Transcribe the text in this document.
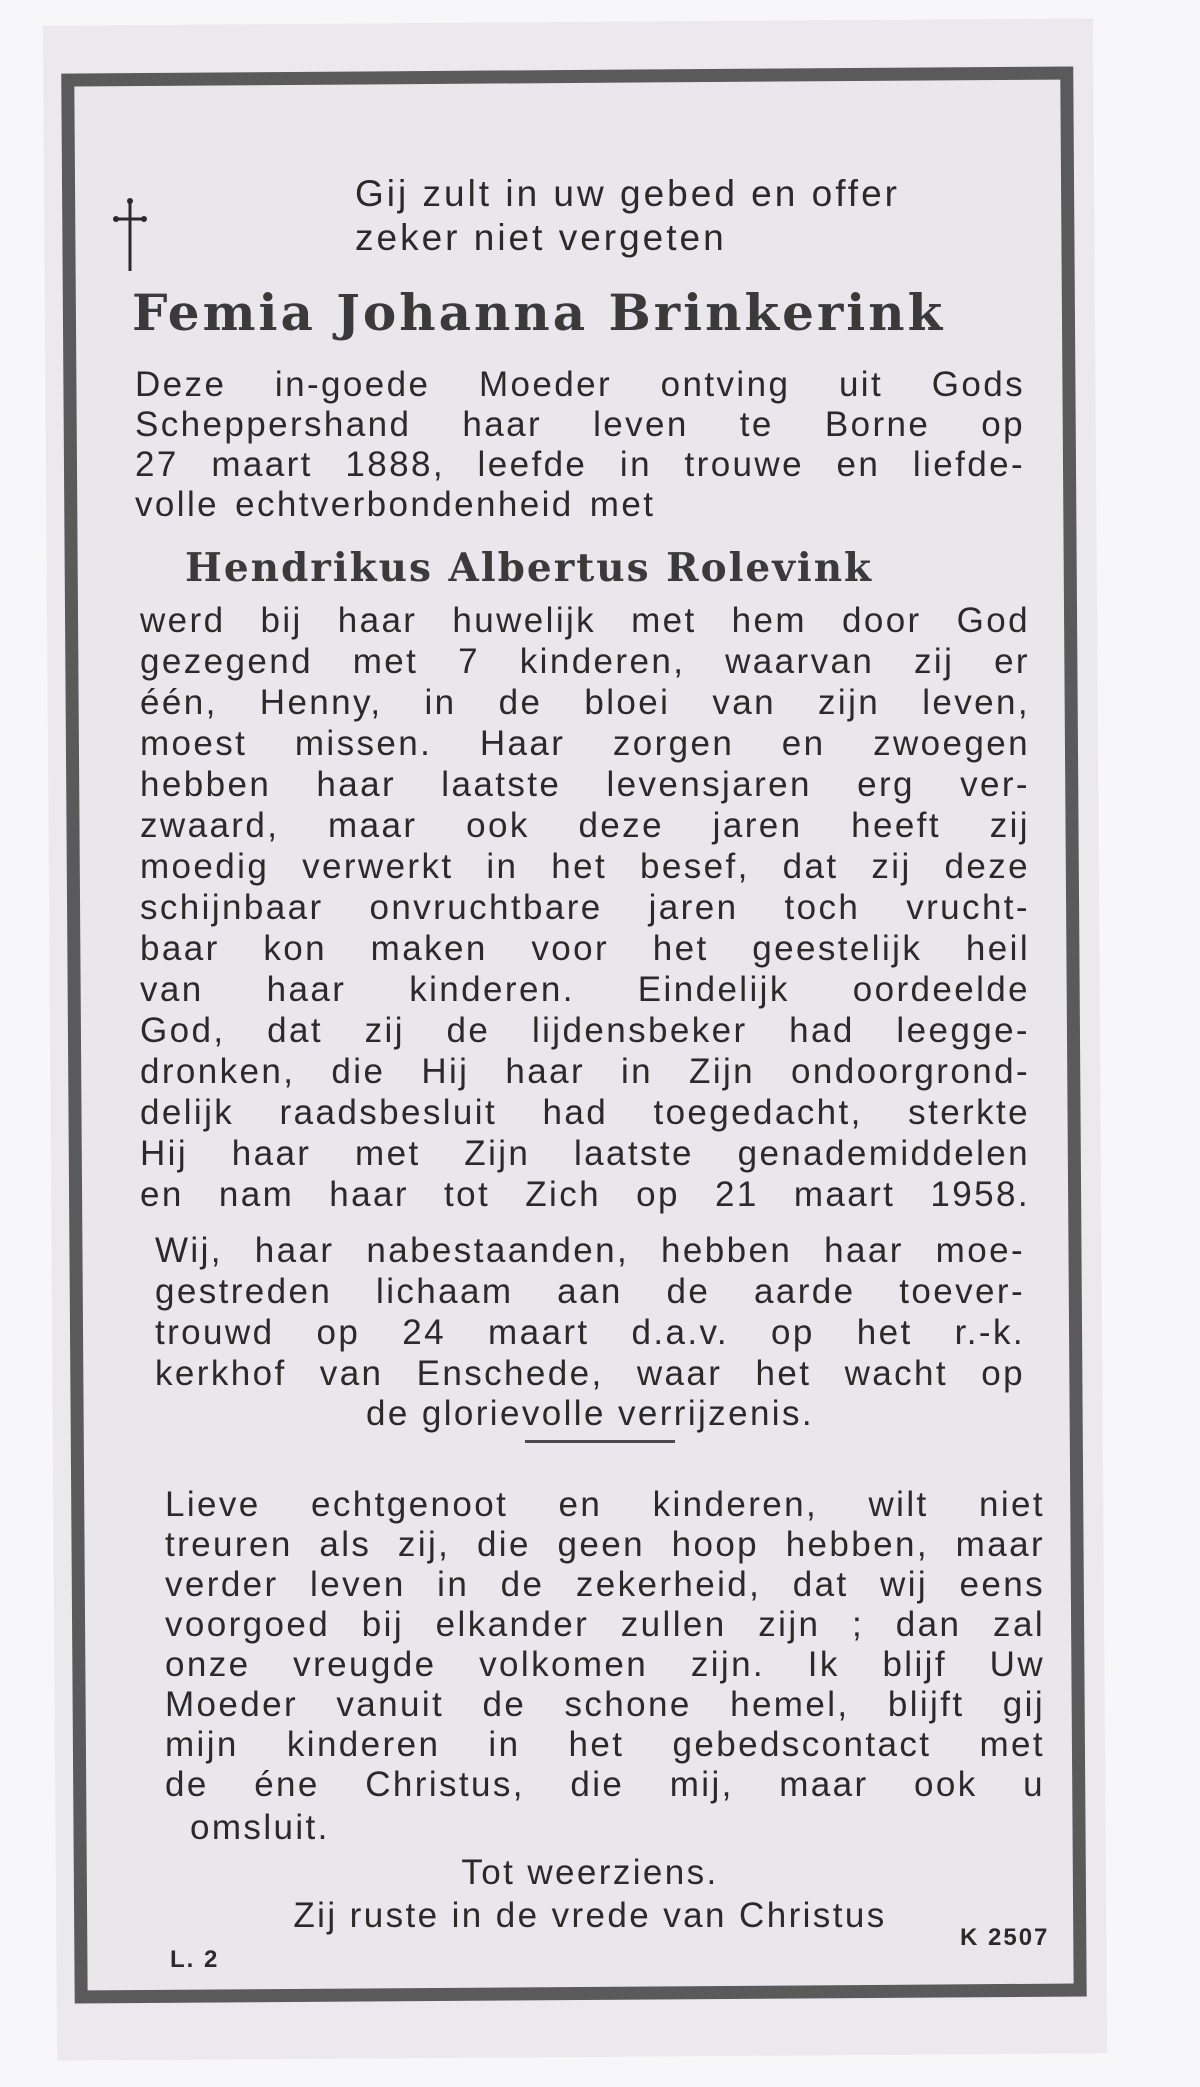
Gij zult in uw gebed en offer
zeker niet vergeten
Femia Johanna Brinkerink
Deze in-goede Moeder ontving uit Gods
Scheppershand haar leven te Borne op
27 maart 1888, leefde in trouwe en liefde-
volle echtverbondenheid met
Hendrikus Albertus Rolevink
werd bij haar huwelijk met hem door God
gezegend met 7 kinderen, waarvan zij er
één, Henny, in de bloei van zijn leven,
moest missen. Haar zorgen en zwoegen
hebben haar laatste levensjaren erg ver-
zwaard, maar ook deze jaren heeft zij
moedig verwerkt in het besef, dat zij deze
schijnbaar onvruchtbare jaren toch vrucht-
baar kon maken voor het geestelijk heil
van haar kinderen. Eindelijk oordeelde
God, dat zij de lijdensbeker had leegge-
dronken, die Hij haar in Zijn ondoorgrond-
delijk raadsbesluit had toegedacht, sterkte
Hij haar met Zijn laatste genademiddelen
en nam haar tot Zich op 21 maart 1958.
Wij, haar nabestaanden, hebben haar moe-
gestreden lichaam aan de aarde toever-
trouwd op 24 maart d.a.v. op het r.-k.
kerkhof van Enschede, waar het wacht op
de glorievolle verrijzenis.
Lieve echtgenoot en kinderen, wilt niet
treuren als zij, die geen hoop hebben, maar
verder leven in de zekerheid, dat wij eens
voorgoed bij elkander zullen zijn ; dan zal
onze vreugde volkomen zijn. Ik blijf Uw
Moeder vanuit de schone hemel, blijft gij
mijn kinderen in het gebedscontact met
de éne Christus, die mij, maar ook u
omsluit.
Tot weerziens.
Zij ruste in de vrede van Christus
L. 2
K 2507
